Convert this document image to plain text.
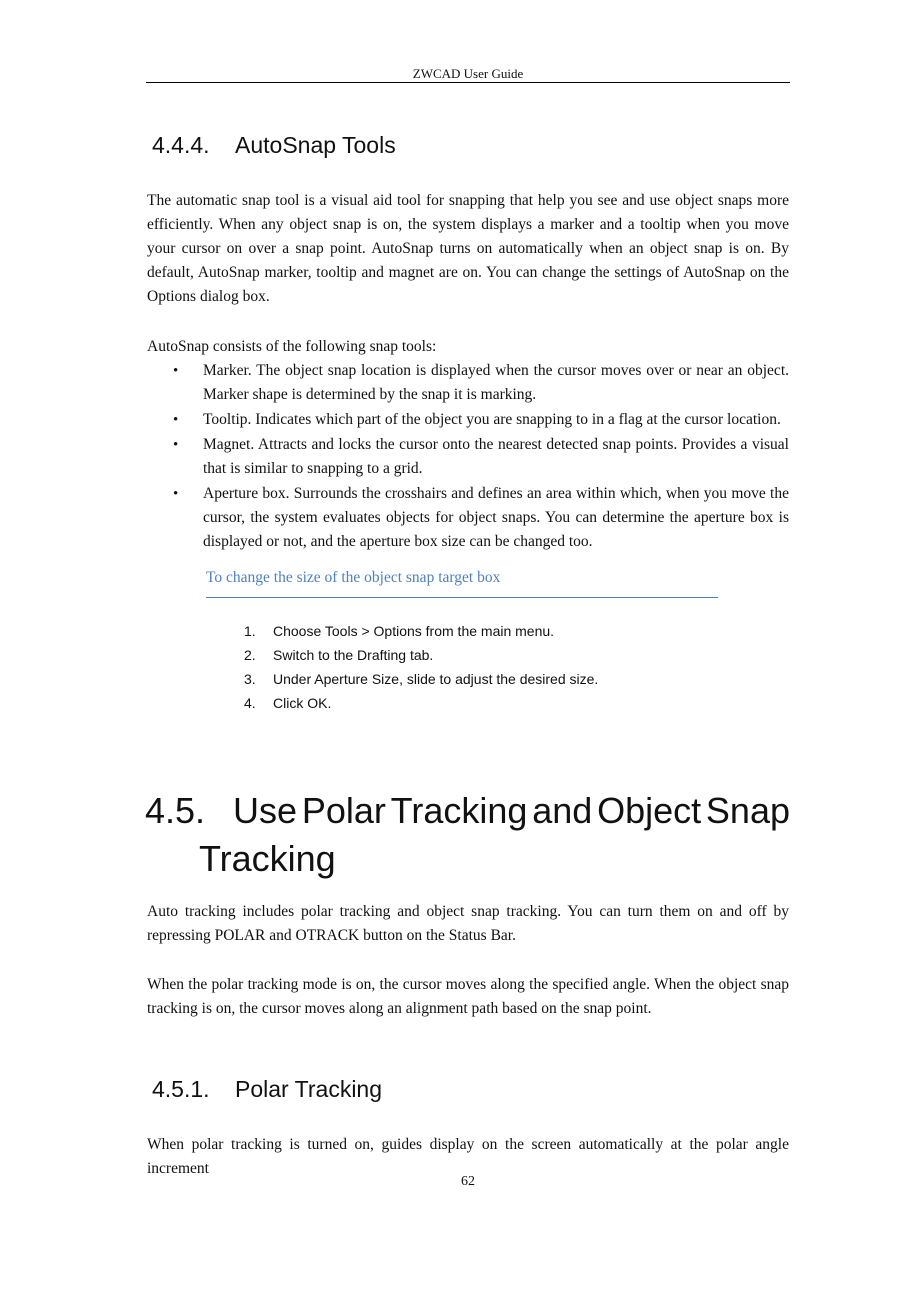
ZWCAD User Guide
4.4.4. AutoSnap Tools

The automatic snap tool is a visual aid tool for snapping that help you see and use object snaps more efficiently. When any object snap is on, the system displays a marker and a tooltip when you move your cursor on over a snap point. AutoSnap turns on automatically when an object snap is on. By default, AutoSnap marker, tooltip and magnet are on. You can change the settings of AutoSnap on the Options dialog box.

AutoSnap consists of the following snap tools:

• Marker. The object snap location is displayed when the cursor moves over or near an object. Marker shape is determined by the snap it is marking.
• Tooltip. Indicates which part of the object you are snapping to in a flag at the cursor location.
• Magnet. Attracts and locks the cursor onto the nearest detected snap points. Provides a visual that is similar to snapping to a grid.
• Aperture box. Surrounds the crosshairs and defines an area within which, when you move the cursor, the system evaluates objects for object snaps. You can determine the aperture box is displayed or not, and the aperture box size can be changed too.
To change the size of the object snap target box
1.	Choose Tools > Options from the main menu.
2.	Switch to the Drafting tab.
3.	Under Aperture Size, slide to adjust the desired size.
4.	Click OK.
4.5. Use Polar Tracking and Object Snap
Tracking

Auto tracking includes polar tracking and object snap tracking. You can turn them on and off by repressing POLAR and OTRACK button on the Status Bar.

When the polar tracking mode is on, the cursor moves along the specified angle. When the object snap tracking is on, the cursor moves along an alignment path based on the snap point.

4.5.1. Polar Tracking

When polar tracking is turned on, guides display on the screen automatically at the polar angle increment

62
